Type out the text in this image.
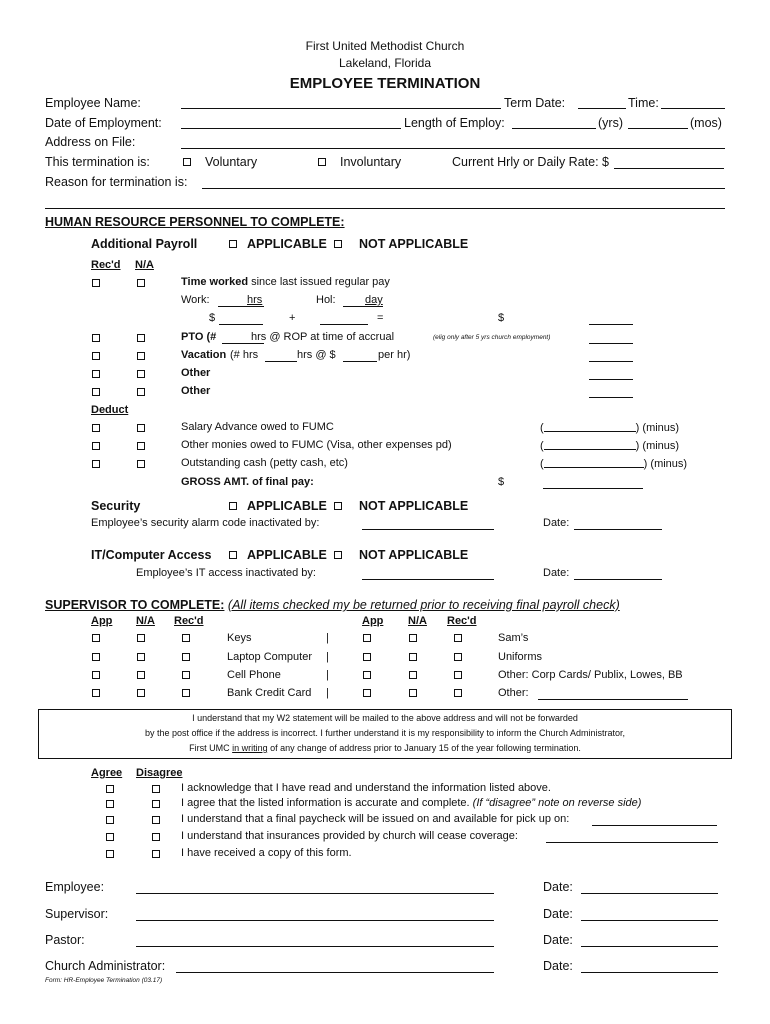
First United Methodist Church
Lakeland, Florida
EMPLOYEE TERMINATION
Employee Name:	Term Date:	Time:
Date of Employment:	Length of Employ:	(yrs)	(mos)
Address on File:
This termination is:	Voluntary	Involuntary	Current Hrly or Daily Rate: $
Reason for termination is:
HUMAN RESOURCE PERSONNEL TO COMPLETE:
Additional Payroll	APPLICABLE	NOT APPLICABLE
Rec'd N/A
Time worked since last issued regular pay
Work:	hrs	Hol:	day
$	+	=	$
PTO (#	hrs @ ROP at time of accrual	(elig only after 5 yrs church employment)
Vacation (# hrs	hrs @ $	per hr)
Other
Other
Deduct
Salary Advance owed to FUMC	(	) (minus)
Other monies owed to FUMC (Visa, other expenses pd)	(	) (minus)
Outstanding cash (petty cash, etc)	(	) (minus)
GROSS AMT. of final pay:	$
Security	APPLICABLE	NOT APPLICABLE
Employee’s security alarm code inactivated by:	Date:
IT/Computer Access	APPLICABLE	NOT APPLICABLE
Employee’s IT access inactivated by:	Date:
SUPERVISOR TO COMPLETE: (All items checked my be returned prior to receiving final payroll check)
App N/A Rec'd	App N/A Rec'd
Keys	|	Sam’s
Laptop Computer |	Uniforms
Cell Phone	|	Other: Corp Cards/ Publix, Lowes, BB
Bank Credit Card |	Other:
I understand that my W2 statement will be mailed to the above address and will not be forwarded
by the post office if the address is incorrect. I further understand it is my responsibility to inform the Church Administrator,
First UMC in writing of any change of address prior to January 15 of the year following termination.
Agree Disagree
I acknowledge that I have read and understand the information listed above.
I agree that the listed information is accurate and complete. (If “disagree” note on reverse side)
I understand that a final paycheck will be issued on and available for pick up on:
I understand that insurances provided by church will cease coverage:
I have received a copy of this form.
Employee:	Date:
Supervisor:	Date:
Pastor:	Date:
Church Administrator:	Date:
Form: HR-Employee Termination (03.17)
